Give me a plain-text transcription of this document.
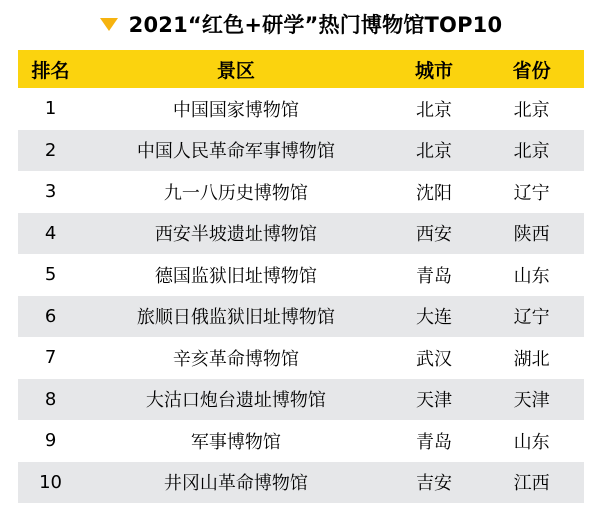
2021“红色+研学”热门博物馆TOP10
排名	景区	城市	省份
1	中国国家博物馆	北京	北京
2	中国人民革命军事博物馆	北京	北京
3	九一八历史博物馆	沈阳	辽宁
4	西安半坡遗址博物馆	西安	陕西
5	德国监狱旧址博物馆	青岛	山东
6	旅顺日俄监狱旧址博物馆	大连	辽宁
7	辛亥革命博物馆	武汉	湖北
8	大沽口炮台遗址博物馆	天津	天津
9	军事博物馆	青岛	山东
10	井冈山革命博物馆	吉安	江西
